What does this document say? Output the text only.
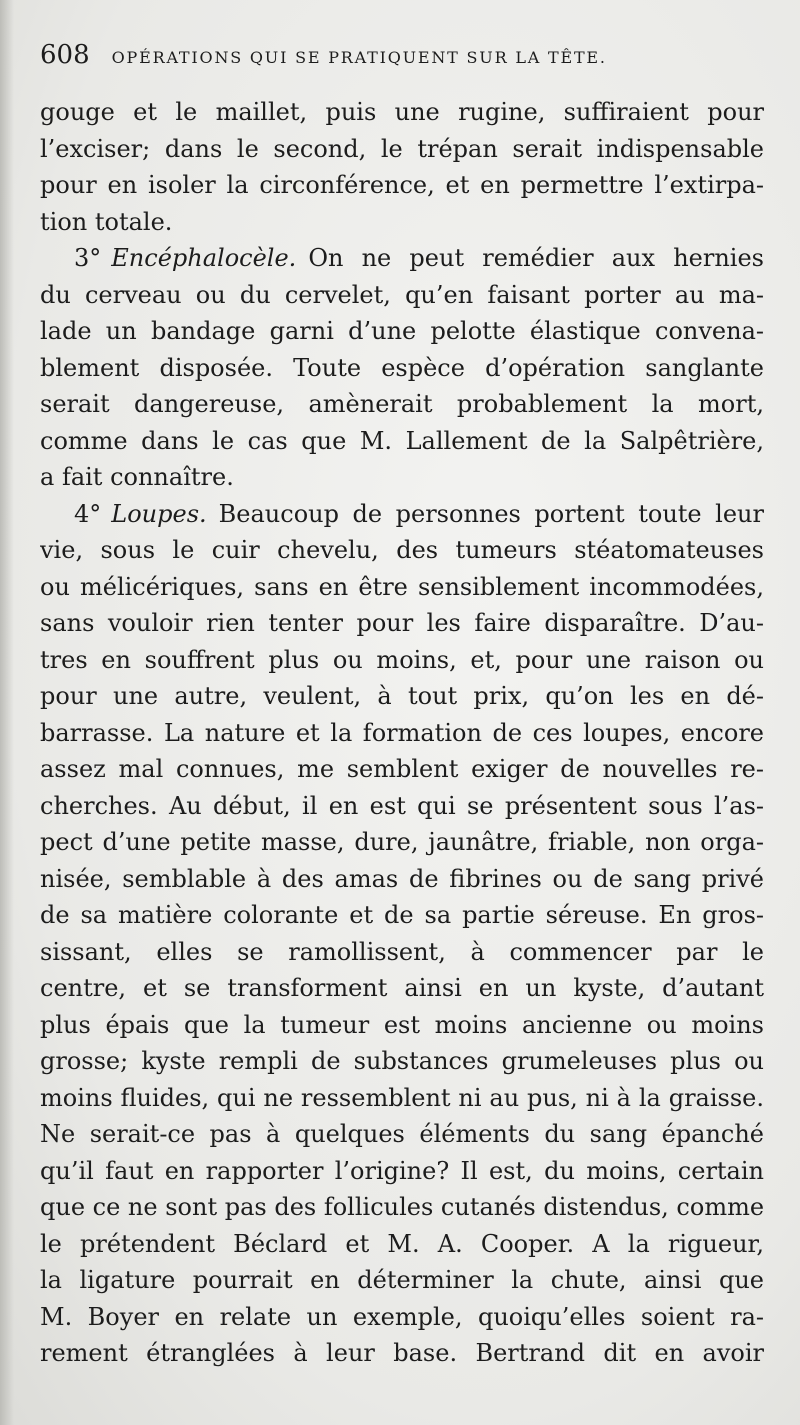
608 OPÉRATIONS QUI SE PRATIQUENT SUR LA TÊTE.
gouge et le maillet, puis une rugine, suffiraient pour
l’exciser; dans le second, le trépan serait indispensable
pour en isoler la circonférence, et en permettre l’extirpa-
tion totale.
3° Encéphalocèle. On ne peut remédier aux hernies
du cerveau ou du cervelet, qu’en faisant porter au ma-
lade un bandage garni d’une pelotte élastique convena-
blement disposée. Toute espèce d’opération sanglante
serait dangereuse, amènerait probablement la mort,
comme dans le cas que M. Lallement de la Salpêtrière,
a fait connaître.
4° Loupes. Beaucoup de personnes portent toute leur
vie, sous le cuir chevelu, des tumeurs stéatomateuses
ou mélicériques, sans en être sensiblement incommodées,
sans vouloir rien tenter pour les faire disparaître. D’au-
tres en souffrent plus ou moins, et, pour une raison ou
pour une autre, veulent, à tout prix, qu’on les en dé-
barrasse. La nature et la formation de ces loupes, encore
assez mal connues, me semblent exiger de nouvelles re-
cherches. Au début, il en est qui se présentent sous l’as-
pect d’une petite masse, dure, jaunâtre, friable, non orga-
nisée, semblable à des amas de fibrines ou de sang privé
de sa matière colorante et de sa partie séreuse. En gros-
sissant, elles se ramollissent, à commencer par le
centre, et se transforment ainsi en un kyste, d’autant
plus épais que la tumeur est moins ancienne ou moins
grosse; kyste rempli de substances grumeleuses plus ou
moins fluides, qui ne ressemblent ni au pus, ni à la graisse.
Ne serait-ce pas à quelques éléments du sang épanché
qu’il faut en rapporter l’origine? Il est, du moins, certain
que ce ne sont pas des follicules cutanés distendus, comme
le prétendent Béclard et M. A. Cooper. A la rigueur,
la ligature pourrait en déterminer la chute, ainsi que
M. Boyer en relate un exemple, quoiqu’elles soient ra-
rement étranglées à leur base. Bertrand dit en avoir
